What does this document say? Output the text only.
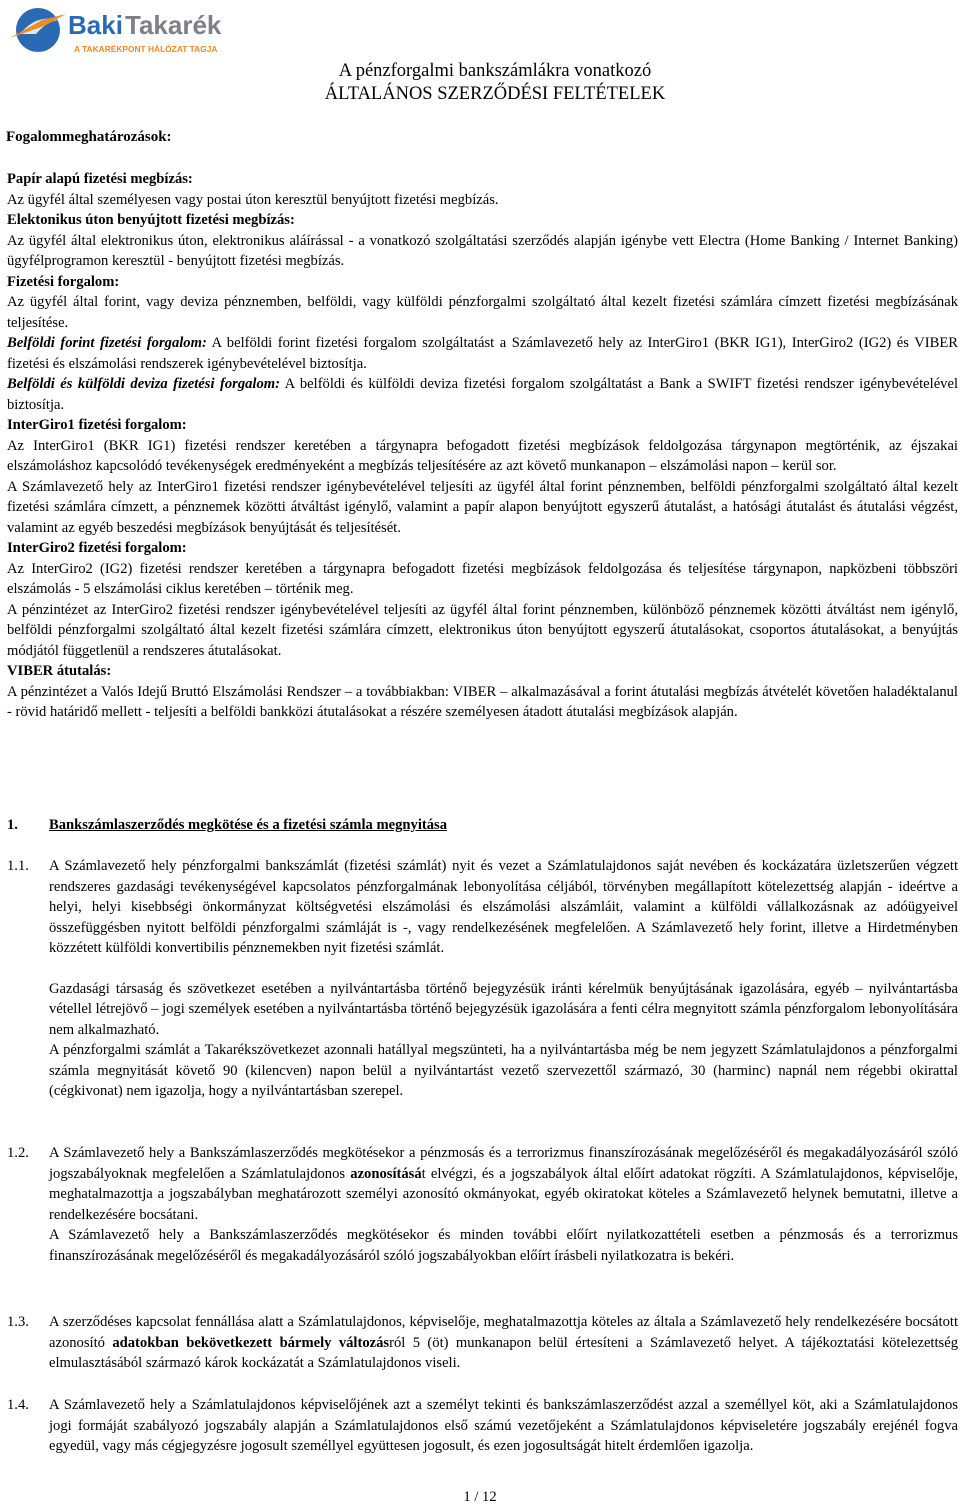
Baki Takarék
A TAKARÉKPONT HÁLÓZAT TAGJA
A pénzforgalmi bankszámlákra vonatkozó
ÁLTALÁNOS SZERZŐDÉSI FELTÉTELEK
Fogalommeghatározások:

Papír alapú fizetési megbízás:

Az ügyfél által személyesen vagy postai úton keresztül benyújtott fizetési megbízás.

Elektonikus úton benyújtott fizetési megbízás:

Az ügyfél által elektronikus úton, elektronikus aláírással - a vonatkozó szolgáltatási szerződés alapján igénybe vett Electra (Home Banking / Internet Banking) ügyfélprogramon keresztül - benyújtott fizetési megbízás.

Fizetési forgalom:

Az ügyfél által forint, vagy deviza pénznemben, belföldi, vagy külföldi pénzforgalmi szolgáltató által kezelt fizetési számlára címzett fizetési megbízásának teljesítése.

Belföldi forint fizetési forgalom: A belföldi forint fizetési forgalom szolgáltatást a Számlavezető hely az InterGiro1 (BKR IG1), InterGiro2 (IG2) és VIBER fizetési és elszámolási rendszerek igénybevételével biztosítja.

Belföldi és külföldi deviza fizetési forgalom: A belföldi és külföldi deviza fizetési forgalom szolgáltatást a Bank a SWIFT fizetési rendszer igénybevételével biztosítja.

InterGiro1 fizetési forgalom:

Az InterGiro1 (BKR IG1) fizetési rendszer keretében a tárgynapra befogadott fizetési megbízások feldolgozása tárgynapon megtörténik, az éjszakai elszámoláshoz kapcsolódó tevékenységek eredményeként a megbízás teljesítésére az azt követő munkanapon – elszámolási napon – kerül sor.

A Számlavezető hely az InterGiro1 fizetési rendszer igénybevételével teljesíti az ügyfél által forint pénznemben, belföldi pénzforgalmi szolgáltató által kezelt fizetési számlára címzett, a pénznemek közötti átváltást igénylő, valamint a papír alapon benyújtott egyszerű átutalást, a hatósági átutalást és átutalási végzést, valamint az egyéb beszedési megbízások benyújtását és teljesítését.

InterGiro2 fizetési forgalom:

Az InterGiro2 (IG2) fizetési rendszer keretében a tárgynapra befogadott fizetési megbízások feldolgozása és teljesítése tárgynapon, napközbeni többszöri elszámolás - 5 elszámolási ciklus keretében – történik meg.

A pénzintézet az InterGiro2 fizetési rendszer igénybevételével teljesíti az ügyfél által forint pénznemben, különböző pénznemek közötti átváltást nem igénylő, belföldi pénzforgalmi szolgáltató által kezelt fizetési számlára címzett, elektronikus úton benyújtott egyszerű átutalásokat, csoportos átutalásokat, a benyújtás módjától függetlenül a rendszeres átutalásokat.

VIBER átutalás:

A pénzintézet a Valós Idejű Bruttó Elszámolási Rendszer – a továbbiakban: VIBER – alkalmazásával a forint átutalási megbízás átvételét követően haladéktalanul - rövid határidő mellett - teljesíti a belföldi bankközi átutalásokat a részére személyesen átadott átutalási megbízások alapján.

1. Bankszámlaszerződés megkötése és a fizetési számla megnyitása
1.1. A Számlavezető hely pénzforgalmi bankszámlát (fizetési számlát) nyit és vezet a Számlatulajdonos saját nevében és kockázatára üzletszerűen végzett rendszeres gazdasági tevékenységével kapcsolatos pénzforgalmának lebonyolítása céljából, törvényben megállapított kötelezettség alapján - ideértve a helyi, helyi kisebbségi önkormányzat költségvetési elszámolási és elszámolási alszámláit, valamint a külföldi vállalkozásnak az adóügyeivel összefüggésben nyitott belföldi pénzforgalmi számláját is -, vagy rendelkezésének megfelelően. A Számlavezető hely forint, illetve a Hirdetményben közzétett külföldi konvertibilis pénznemekben nyit fizetési számlát.

Gazdasági társaság és szövetkezet esetében a nyilvántartásba történő bejegyzésük iránti kérelmük benyújtásának igazolására, egyéb – nyilvántartásba vétellel létrejövő – jogi személyek esetében a nyilvántartásba történő bejegyzésük igazolására a fenti célra megnyitott számla pénzforgalom lebonyolítására nem alkalmazható.

A pénzforgalmi számlát a Takarékszövetkezet azonnali hatállyal megszünteti, ha a nyilvántartásba még be nem jegyzett Számlatulajdonos a pénzforgalmi számla megnyitását követő 90 (kilencven) napon belül a nyilvántartást vezető szervezettől származó, 30 (harminc) napnál nem régebbi okirattal (cégkivonat) nem igazolja, hogy a nyilvántartásban szerepel.

1.2. A Számlavezető hely a Bankszámlaszerződés megkötésekor a pénzmosás és a terrorizmus finanszírozásának megelőzéséről és megakadályozásáról szóló jogszabályoknak megfelelően a Számlatulajdonos azonosítását elvégzi, és a jogszabályok által előírt adatokat rögzíti. A Számlatulajdonos, képviselője, meghatalmazottja a jogszabályban meghatározott személyi azonosító okmányokat, egyéb okiratokat köteles a Számlavezető helynek bemutatni, illetve a rendelkezésére bocsátani.

A Számlavezető hely a Bankszámlaszerződés megkötésekor és minden további előírt nyilatkozattételi esetben a pénzmosás és a terrorizmus finanszírozásának megelőzéséről és megakadályozásáról szóló jogszabályokban előírt írásbeli nyilatkozatra is bekéri.

1.3. A szerződéses kapcsolat fennállása alatt a Számlatulajdonos, képviselője, meghatalmazottja köteles az általa a Számlavezető hely rendelkezésére bocsátott azonosító adatokban bekövetkezett bármely változásról 5 (öt) munkanapon belül értesíteni a Számlavezető helyet. A tájékoztatási kötelezettség elmulasztásából származó károk kockázatát a Számlatulajdonos viseli.

1.4. A Számlavezető hely a Számlatulajdonos képviselőjének azt a személyt tekinti és bankszámlaszerződést azzal a személlyel köt, aki a Számlatulajdonos jogi formáját szabályozó jogszabály alapján a Számlatulajdonos első számú vezetőjeként a Számlatulajdonos képviseletére jogszabály erejénél fogva egyedül, vagy más cégjegyzésre jogosult személlyel együttesen jogosult, és ezen jogosultságát hitelt érdemlően igazolja.

1 / 12
